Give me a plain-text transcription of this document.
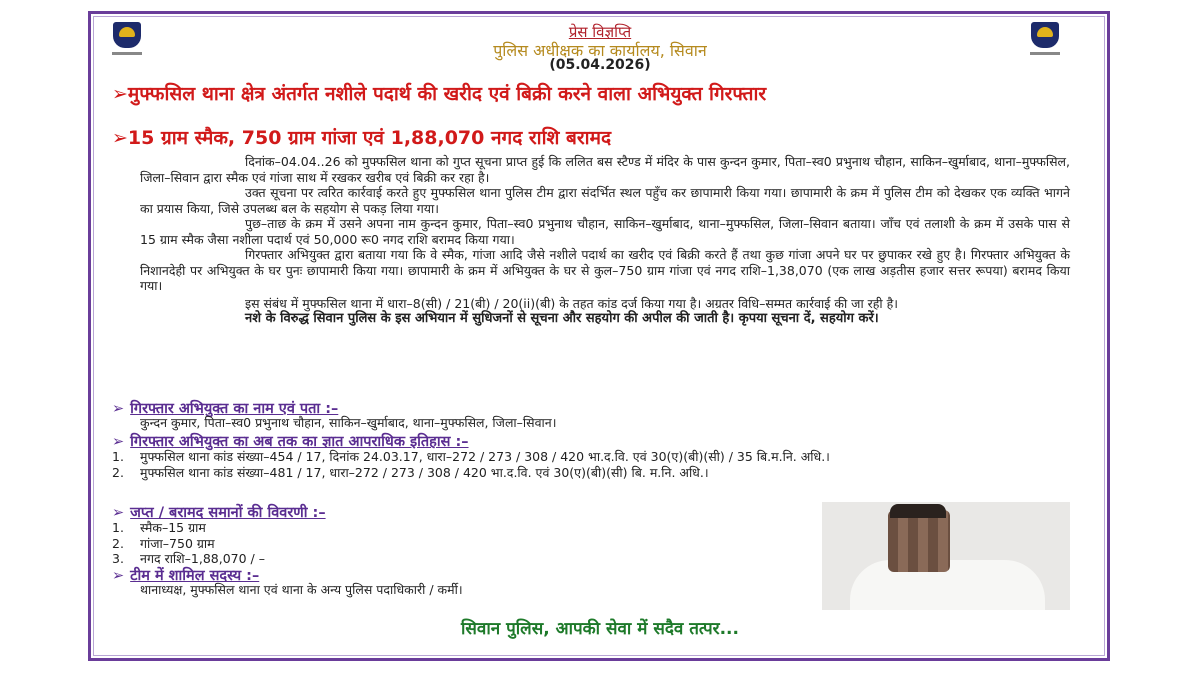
प्रेस विज्ञप्ति
पुलिस अधीक्षक का कार्यालय, सिवान
(05.04.2026)
➢मुफ्फसिल थाना क्षेत्र अंतर्गत नशीले पदार्थ की खरीद एवं बिक्री करने वाला अभियुक्त गिरफ्तार
➢15 ग्राम स्मैक, 750 ग्राम गांजा एवं 1,88,070 नगद राशि बरामद

दिनांक–04.04..26 को मुफ्फसिल थाना को गुप्त सूचना प्राप्त हुई कि ललित बस स्टैण्ड में मंदिर के पास कुन्दन कुमार, पिता–स्व0 प्रभुनाथ चौहान, साकिन–खुर्माबाद, थाना–मुफ्फसिल, जिला–सिवान द्वारा स्मैक एवं गांजा साथ में रखकर खरीब एवं बिक्री कर रहा है।

उक्त सूचना पर त्वरित कार्रवाई करते हुए मुफ्फसिल थाना पुलिस टीम द्वारा संदर्भित स्थल पहुँच कर छापामारी किया गया। छापामारी के क्रम में पुलिस टीम को देखकर एक व्यक्ति भागने का प्रयास किया, जिसे उपलब्ध बल के सहयोग से पकड़ लिया गया।

पुछ–ताछ के क्रम में उसने अपना नाम कुन्दन कुमार, पिता–स्व0 प्रभुनाथ चौहान, साकिन–खुर्माबाद, थाना–मुफ्फसिल, जिला–सिवान बताया। जाँच एवं तलाशी के क्रम में उसके पास से 15 ग्राम स्मैक जैसा नशीला पदार्थ एवं 50,000 रू0 नगद राशि बरामद किया गया।

गिरफ्तार अभियुक्त द्वारा बताया गया कि वे स्मैक, गांजा आदि जैसे नशीले पदार्थ का खरीद एवं बिक्री करते हैं तथा कुछ गांजा अपने घर पर छुपाकर रखे हुए है। गिरफ्तार अभियुक्त के निशानदेही पर अभियुक्त के घर पुनः छापामारी किया गया। छापामारी के क्रम में अभियुक्त के घर से कुल–750 ग्राम गांजा एवं नगद राशि–1,38,070 (एक लाख अड़तीस हजार सत्तर रूपया) बरामद किया गया।

इस संबंध में मुफ्फसिल थाना में धारा–8(सी) / 21(बी) / 20(ii)(बी) के तहत कांड दर्ज किया गया है। अग्रतर विधि–सम्मत कार्रवाई की जा रही है।

नशे के विरुद्ध सिवान पुलिस के इस अभियान में सुधिजनों से सूचना और सहयोग की अपील की जाती है। कृपया सूचना दें, सहयोग करें।

➢ गिरफ्तार अभियुक्त का नाम एवं पता :–
कुन्दन कुमार, पिता–स्व0 प्रभुनाथ चौहान, साकिन–खुर्माबाद, थाना–मुफ्फसिल, जिला–सिवान।
➢ गिरफ्तार अभियुक्त का अब तक का ज्ञात आपराधिक इतिहास :–
1.	मुफ्फसिल थाना कांड संख्या–454 / 17, दिनांक 24.03.17, धारा–272 / 273 / 308 / 420 भा.द.वि. एवं 30(ए)(बी)(सी) / 35 बि.म.नि. अधि.।
2.	मुफ्फसिल थाना कांड संख्या–481 / 17, धारा–272 / 273 / 308 / 420 भा.द.वि. एवं 30(ए)(बी)(सी) बि. म.नि. अधि.।
➢ जप्त / बरामद समानों की विवरणी :–
1.	स्मैक–15 ग्राम
2.	गांजा–750 ग्राम
3.	नगद राशि–1,88,070 / –
➢ टीम में शामिल सदस्य :–
थानाध्यक्ष, मुफ्फसिल थाना एवं थाना के अन्य पुलिस पदाधिकारी / कर्मी।
सिवान पुलिस, आपकी सेवा में सदैव तत्पर...
